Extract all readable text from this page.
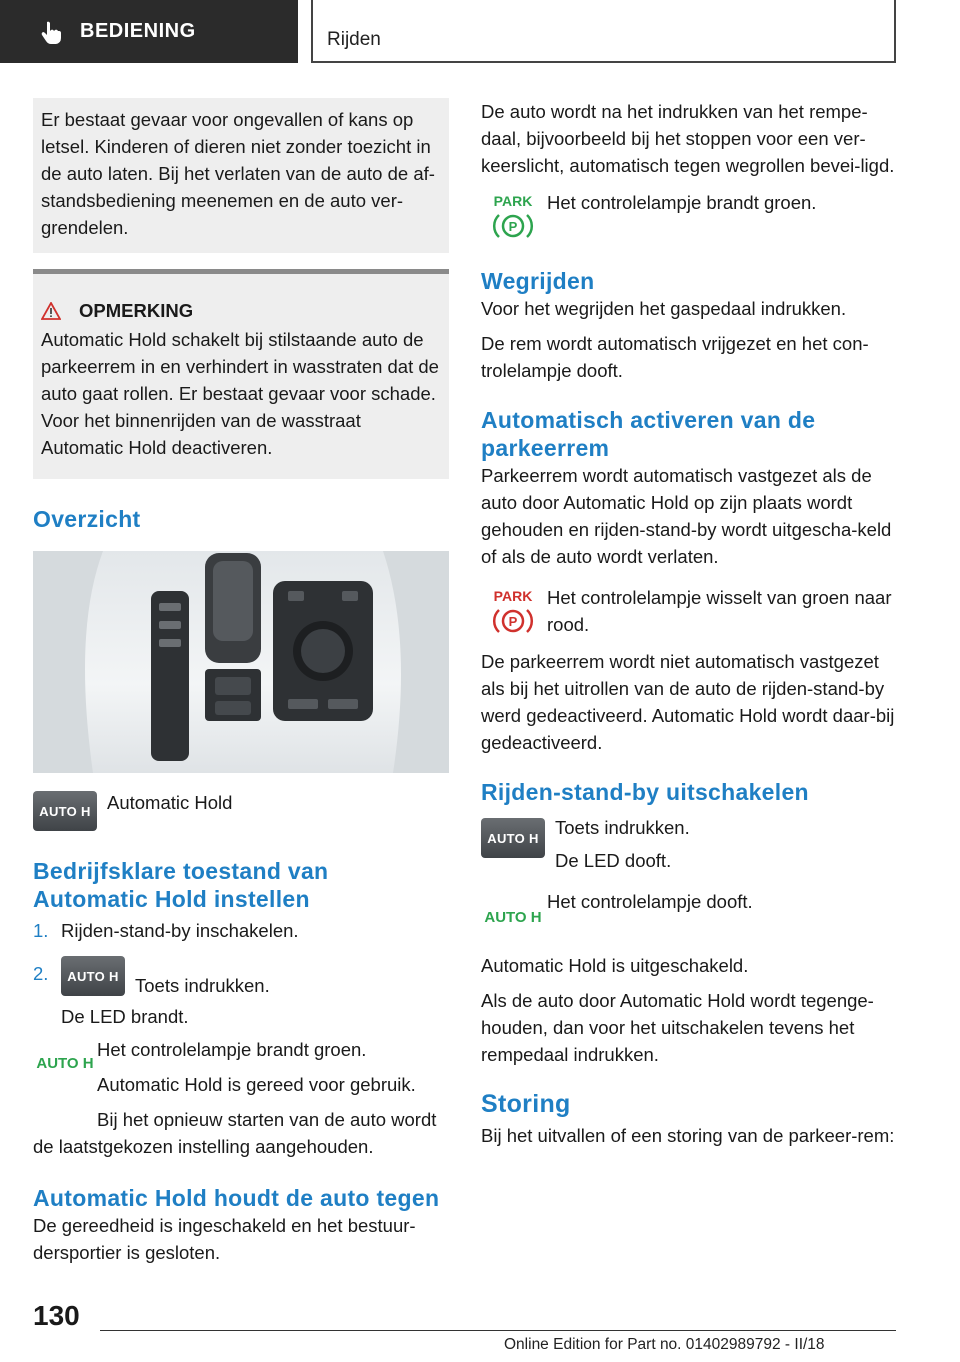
BEDIENING	Rijden

Er bestaat gevaar voor ongevallen of kans op letsel. Kinderen of dieren niet zonder toezicht in de auto laten. Bij het verlaten van de auto de af-standsbediening meenemen en de auto ver-grendelen.

OPMERKING

Automatic Hold schakelt bij stilstaande auto de parkeerrem in en verhindert in wasstraten dat de auto gaat rollen. Er bestaat gevaar voor schade. Voor het binnenrijden van de wasstraat Automatic Hold deactiveren.

Overzicht
AUTO H Automatic Hold

Bedrijfsklare toestand van Automatic Hold instellen
1. Rijden-stand-by inschakelen.

2.	AUTO H Toets indrukken.

De LED brandt.

AUTO H

Het controlelampje brandt groen.

Automatic Hold is gereed voor gebruik.

Bij het opnieuw starten van de auto wordt de laatstgekozen instelling aangehouden.

Automatic Hold houdt de auto tegen

De gereedheid is ingeschakeld en het bestuur-dersportier is gesloten.

De auto wordt na het indrukken van het rempe-daal, bijvoorbeeld bij het stoppen voor een ver-keerslicht, automatisch tegen wegrollen bevei-ligd.

PARK
P

Het controlelampje brandt groen.

Wegrijden

Voor het wegrijden het gaspedaal indrukken.

De rem wordt automatisch vrijgezet en het con-trolelampje dooft.

Automatisch activeren van de parkeerrem

Parkeerrem wordt automatisch vastgezet als de auto door Automatic Hold op zijn plaats wordt gehouden en rijden-stand-by wordt uitgescha-keld of als de auto wordt verlaten.

PARK
P

Het controlelampje wisselt van groen naar rood.

De parkeerrem wordt niet automatisch vastgezet als bij het uitrollen van de auto de rijden-stand-by werd gedeactiveerd. Automatic Hold wordt daar-bij gedeactiveerd.

Rijden-stand-by uitschakelen
AUTO H Toets indrukken.

De LED dooft.

AUTO H

Het controlelampje dooft.

Automatic Hold is uitgeschakeld.

Als de auto door Automatic Hold wordt tegenge-houden, dan voor het uitschakelen tevens het rempedaal indrukken.

Storing

Bij het uitvallen of een storing van de parkeer-rem:

130
Online Edition for Part no. 01402989792 - II/18
